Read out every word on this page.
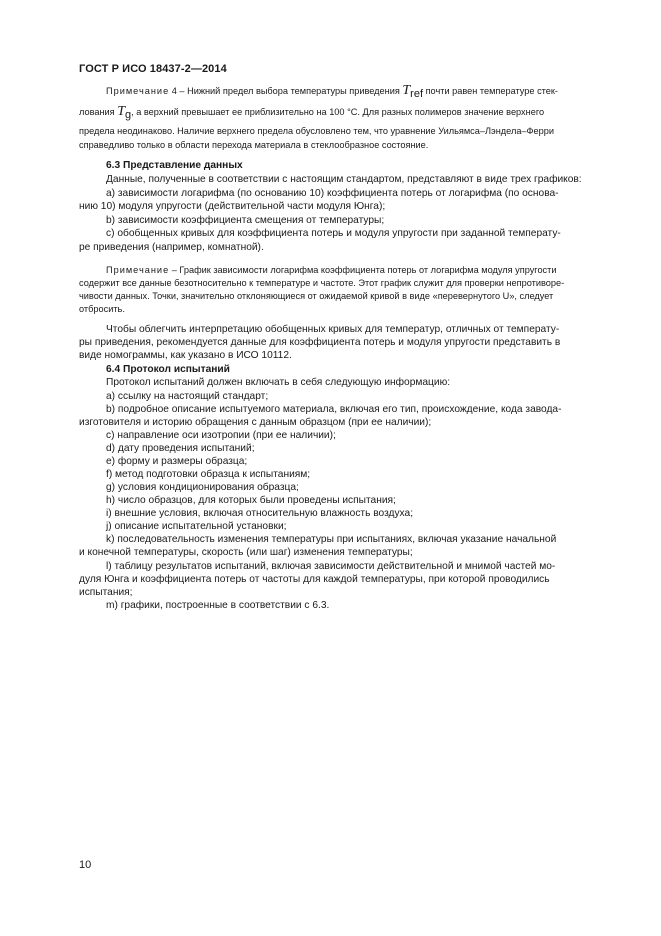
ГОСТ Р ИСО 18437-2—2014
Примечание 4 – Нижний предел выбора температуры приведения $T_{ref}$ почти равен температуре стек-
лования $T_g$, а верхний превышает ее приблизительно на 100 °С. Для разных полимеров значение верхнего
предела неодинаково. Наличие верхнего предела обусловлено тем, что уравнение Уильямса–Лэндела–Ферри
справедливо только в области перехода материала в стеклообразное состояние.
6.3 Представление данных
Данные, полученные в соответствии с настоящим стандартом, представляют в виде трех графиков:
a) зависимости логарифма (по основанию 10) коэффициента потерь от логарифма (по основа-
нию 10) модуля упругости (действительной части модуля Юнга);
b) зависимости коэффициента смещения от температуры;
c) обобщенных кривых для коэффициента потерь и модуля упругости при заданной температу-
ре приведения (например, комнатной).
Примечание – График зависимости логарифма коэффициента потерь от логарифма модуля упругости
содержит все данные безотносительно к температуре и частоте. Этот график служит для проверки непротиворе-
чивости данных. Точки, значительно отклоняющиеся от ожидаемой кривой в виде «перевернутого U», следует
отбросить.
Чтобы облегчить интерпретацию обобщенных кривых для температур, отличных от температу-
ры приведения, рекомендуется данные для коэффициента потерь и модуля упругости представить в
виде номограммы, как указано в ИСО 10112.
6.4 Протокол испытаний
Протокол испытаний должен включать в себя следующую информацию:
a) ссылку на настоящий стандарт;
b) подробное описание испытуемого материала, включая его тип, происхождение, кода завода-
изготовителя и историю обращения с данным образцом (при ее наличии);
c) направление оси изотропии (при ее наличии);
d) дату проведения испытаний;
e) форму и размеры образца;
f) метод подготовки образца к испытаниям;
g) условия кондиционирования образца;
h) число образцов, для которых были проведены испытания;
i) внешние условия, включая относительную влажность воздуха;
j) описание испытательной установки;
k) последовательность изменения температуры при испытаниях, включая указание начальной
и конечной температуры, скорость (или шаг) изменения температуры;
l) таблицу результатов испытаний, включая зависимости действительной и мнимой частей мо-
дуля Юнга и коэффициента потерь от частоты для каждой температуры, при которой проводились
испытания;
m) графики, построенные в соответствии с 6.3.
10
